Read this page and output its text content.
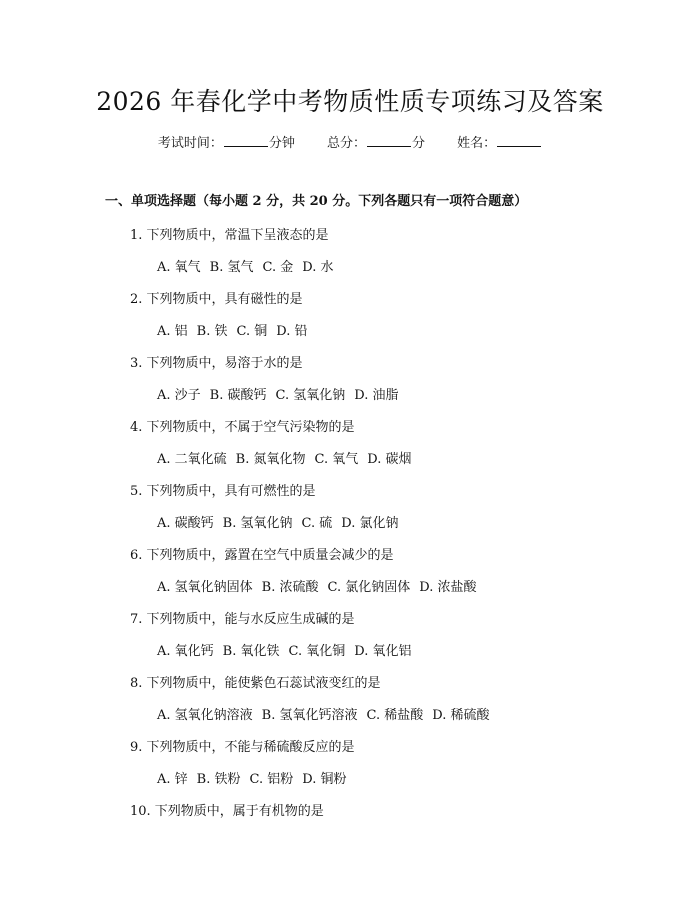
2026 年春化学中考物质性质专项练习及答案
考试时间：	分钟 总分：	分 姓名：
一、单项选择题（每小题 2 分，共 20 分。下列各题只有一项符合题意）
1. 下列物质中，常温下呈液态的是
A. 氧气 B. 氢气 C. 金 D. 水
2. 下列物质中，具有磁性的是
A. 铝 B. 铁 C. 铜 D. 铅
3. 下列物质中，易溶于水的是
A. 沙子 B. 碳酸钙 C. 氢氧化钠 D. 油脂
4. 下列物质中，不属于空气污染物的是
A. 二氧化硫 B. 氮氧化物 C. 氧气 D. 碳烟
5. 下列物质中，具有可燃性的是
A. 碳酸钙 B. 氢氧化钠 C. 硫 D. 氯化钠
6. 下列物质中，露置在空气中质量会减少的是
A. 氢氧化钠固体 B. 浓硫酸 C. 氯化钠固体 D. 浓盐酸
7. 下列物质中，能与水反应生成碱的是
A. 氧化钙 B. 氧化铁 C. 氧化铜 D. 氧化铝
8. 下列物质中，能使紫色石蕊试液变红的是
A. 氢氧化钠溶液 B. 氢氧化钙溶液 C. 稀盐酸 D. 稀硫酸
9. 下列物质中，不能与稀硫酸反应的是
A. 锌 B. 铁粉 C. 铝粉 D. 铜粉
10. 下列物质中，属于有机物的是
